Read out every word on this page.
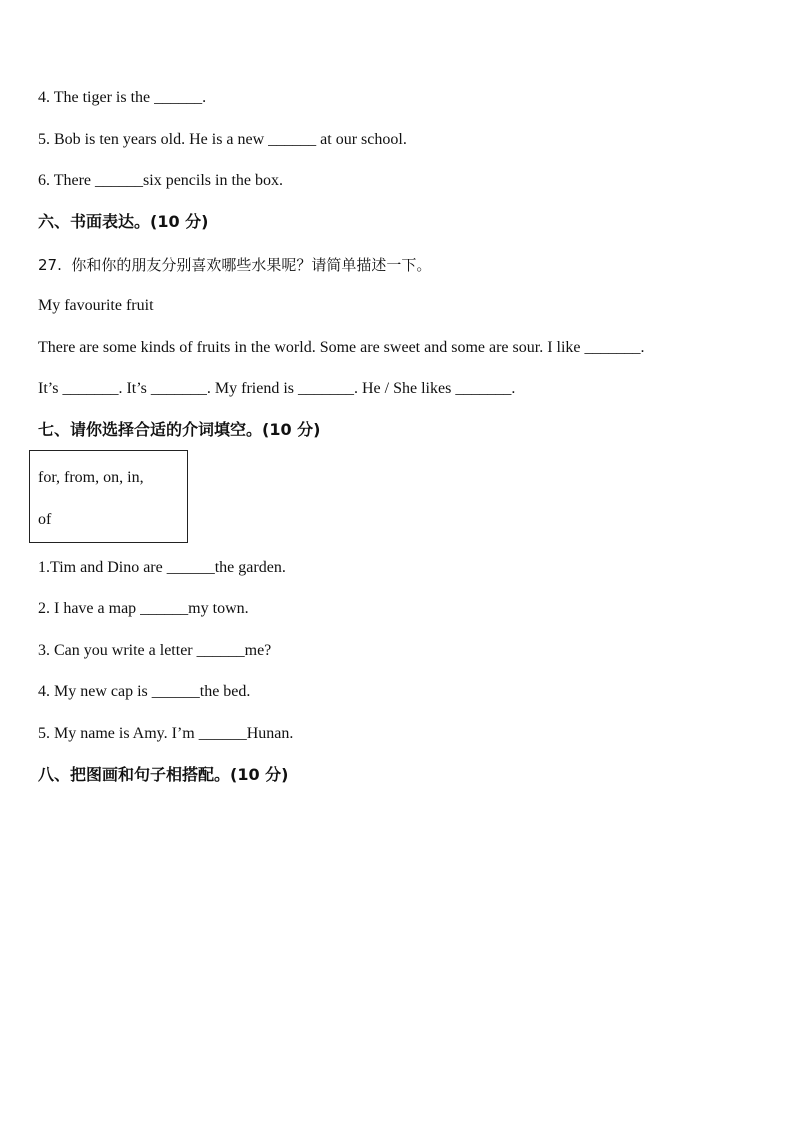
4. The tiger is the ______.
5. Bob is ten years old. He is a new ______ at our school.
6. There ______six pencils in the box.
六、书面表达。(10 分)
27.  你和你的朋友分别喜欢哪些水果呢？请简单描述一下。
My favourite fruit
There are some kinds of fruits in the world. Some are sweet and some are sour. I like _______.
It’s _______. It’s _______. My friend is _______. He / She likes _______.
七、请你选择合适的介词填空。(10 分)
for, from, on, in,
of
1.Tim and Dino are ______the garden.
2. I have a map ______my town.
3. Can you write a letter ______me?
4. My new cap is ______the bed.
5. My name is Amy. I’m ______Hunan.
八、把图画和句子相搭配。(10 分)
